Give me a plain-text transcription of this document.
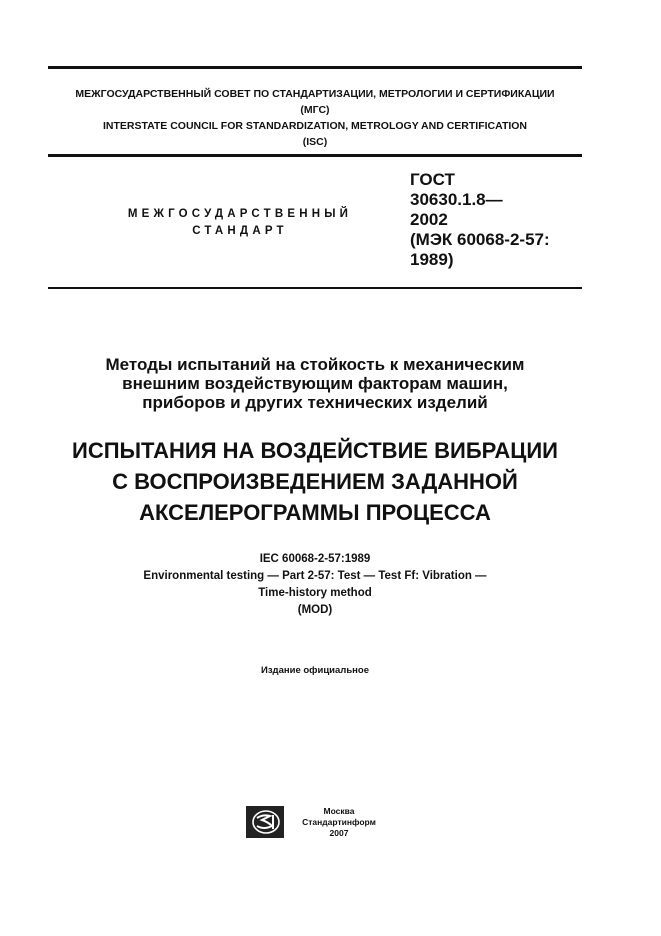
МЕЖГОСУДАРСТВЕННЫЙ СОВЕТ ПО СТАНДАРТИЗАЦИИ, МЕТРОЛОГИИ И СЕРТИФИКАЦИИ
(МГС)
INTERSTATE COUNCIL FOR STANDARDIZATION, METROLOGY AND CERTIFICATION
(ISC)
МЕЖГОСУДАРСТВЕННЫЙ
СТАНДАРТ
ГОСТ
30630.1.8—
2002
(МЭК 60068-2-57:
1989)
Методы испытаний на стойкость к механическим
внешним воздействующим факторам машин,
приборов и других технических изделий
ИСПЫТАНИЯ НА ВОЗДЕЙСТВИЕ ВИБРАЦИИ
С ВОСПРОИЗВЕДЕНИЕМ ЗАДАННОЙ
АКСЕЛЕРОГРАММЫ ПРОЦЕССА
IEC 60068-2-57:1989
Environmental testing — Part 2-57: Test — Test Ff: Vibration —
Time-history method
(MOD)
Издание официальное
Москва
Стандартинформ
2007
